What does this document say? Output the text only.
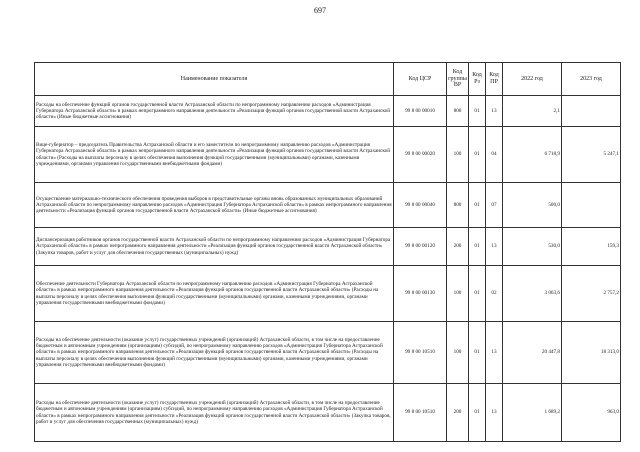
697
Наименование показателя	Код ЦСР	Код группы ВР	Код Рз	Код ПР	2022 год	2023 год
Расходы на обеспечение функций органов государственной власти Астраханской области по непрограммному направлению расходов «Администрация Губернатора Астраханской области» в рамках непрограммного направления деятельности «Реализация функций органов государственной власти Астраханской области» (Иные бюджетные ассигнования)	99 8 00 00010	800	01	13	2,1	
Вице-губернатор – председатель Правительства Астраханской области и его заместители по непрограммному направлению расходов «Администрация Губернатора Астраханской области» в рамках непрограммного направления деятельности «Реализация функций органов государственной власти Астраханской области» (Расходы на выплаты персоналу в целях обеспечения выполнения функций государственными (муниципальными) органами, казенными учреждениями, органами управления государственными внебюджетными фондами)	99 8 00 00020	100	01	04	6 718,9	5 247,1
Осуществление материально-технического обеспечения проведения выборов в представительные органы вновь образованных муниципальных образований Астраханской области по непрограммному направлению расходов «Администрация Губернатора Астраханской области» в рамках непрограммного направления деятельности «Реализация функций органов государственной власти Астраханской области» (Иные бюджетные ассигнования)	99 8 00 00040	800	01	07	500,0	
Диспансеризация работников органов государственной власти Астраханской области по непрограммному направлению расходов «Администрация Губернатора Астраханской области» в рамках непрограммного направления деятельности «Реализация функций органов государственной власти Астраханской области» (Закупка товаров, работ и услуг для обеспечения государственных (муниципальных) нужд)	99 8 00 00120	200	01	13	530,0	159,3
Обеспечение деятельности Губернатора Астраханской области по непрограммному направлению расходов «Администрация Губернатора Астраханской области» в рамках непрограммного направления деятельности «Реализация функций органов государственной власти Астраханской области» (Расходы на выплаты персоналу в целях обеспечения выполнения функций государственными (муниципальными) органами, казенными учреждениями, органами управления государственными внебюджетными фондами)	99 8 00 00130	100	01	02	3 063,6	2 757,2
Расходы на обеспечение деятельности (оказание услуг) государственных учреждений (организаций) Астраханской области, в том числе на предоставление бюджетным и автономным учреждениям (организациям) субсидий, по непрограммному направлению расходов «Администрация Губернатора Астраханской области» в рамках непрограммного направления деятельности «Реализация функций органов государственной власти Астраханской области» (Расходы на выплаты персоналу в целях обеспечения выполнения функций государственными (муниципальными) органами, казенными учреждениями, органами управления государственными внебюджетными фондами)	99 8 00 10510	100	01	13	20 447,8	18 313,0
Расходы на обеспечение деятельности (оказание услуг) государственных учреждений (организаций) Астраханской области, в том числе на предоставление бюджетным и автономным учреждениям (организациям) субсидий, по непрограммному направлению расходов «Администрация Губернатора Астраханской области» в рамках непрограммного направления деятельности «Реализация функций органов государственной власти Астраханской области» (Закупка товаров, работ и услуг для обеспечения государственных (муниципальных) нужд)	99 8 00 10510	200	01	13	1 689,2	963,0
